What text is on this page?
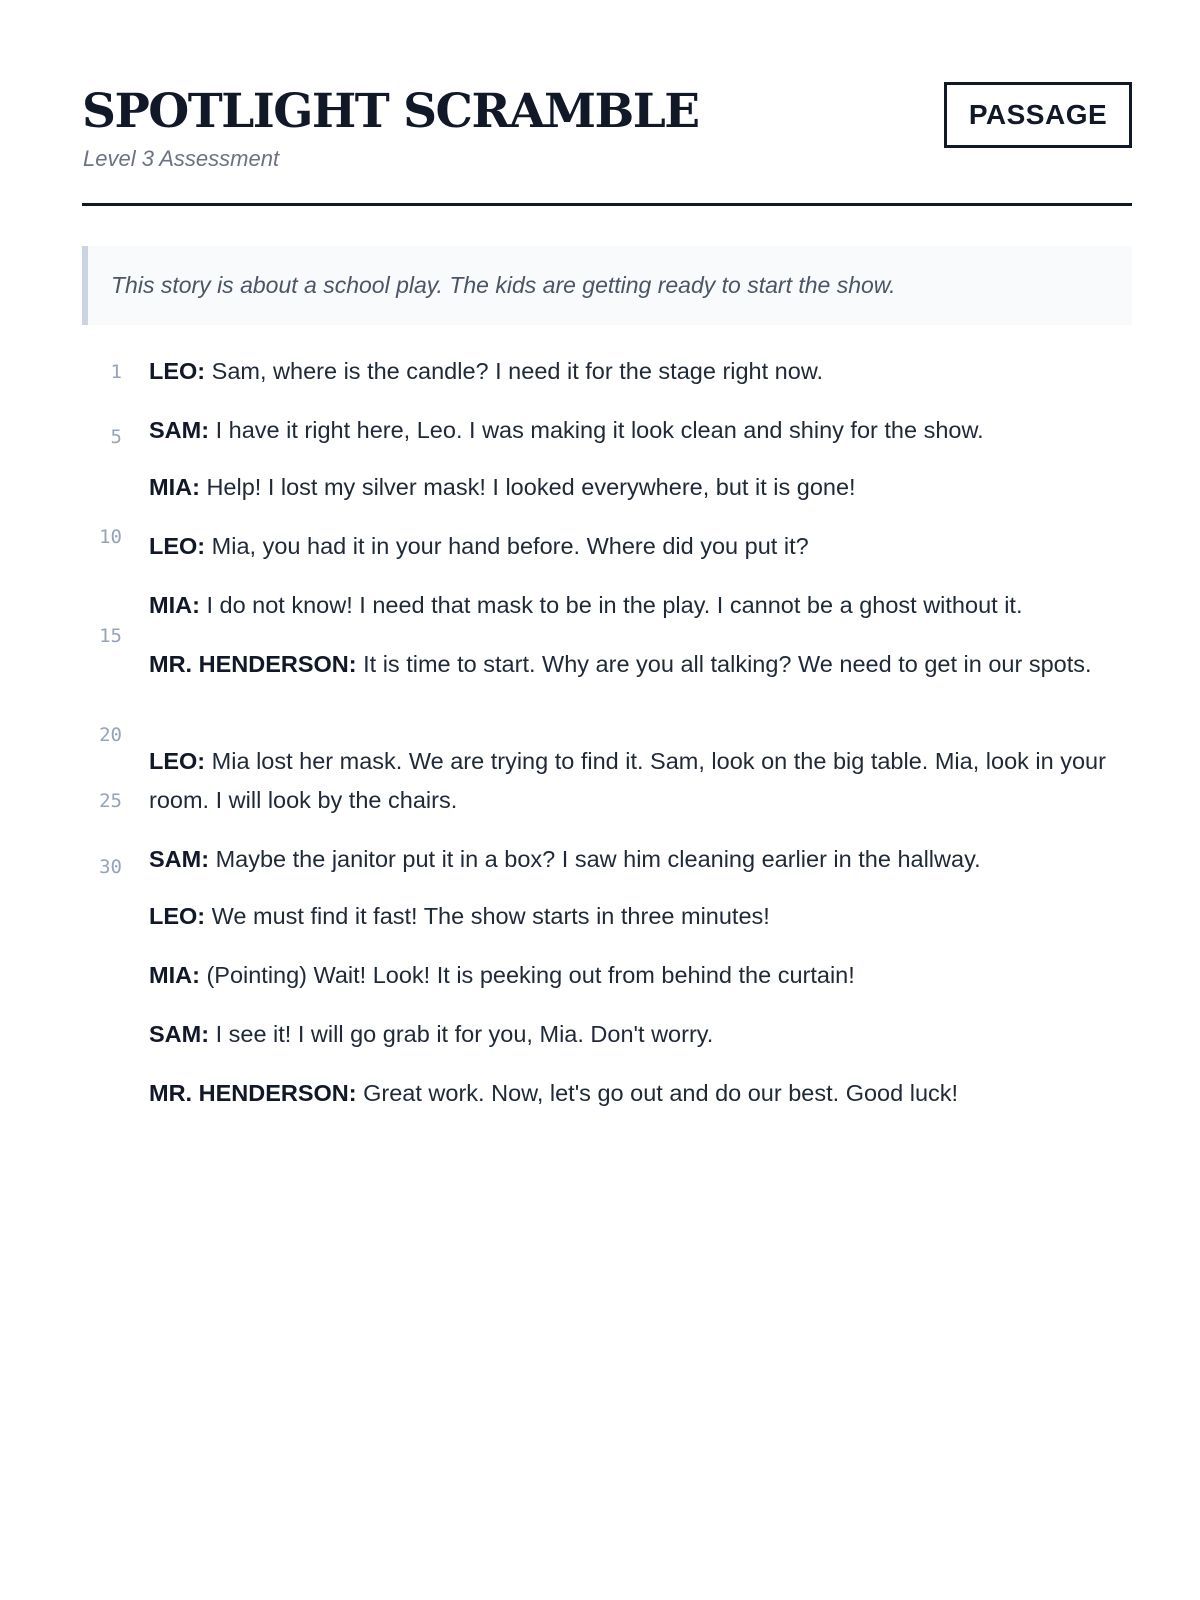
SPOTLIGHT SCRAMBLE
Level 3 Assessment
PASSAGE
This story is about a school play. The kids are getting ready to start the show.
1
5
10
15
20
25
30

LEO: Sam, where is the candle? I need it for the stage right now.

SAM: I have it right here, Leo. I was making it look clean and shiny for the show.

MIA: Help! I lost my silver mask! I looked everywhere, but it is gone!

LEO: Mia, you had it in your hand before. Where did you put it?

MIA: I do not know! I need that mask to be in the play. I cannot be a ghost without it.

MR. HENDERSON: It is time to start. Why are you all talking? We need to get in our spots.

LEO: Mia lost her mask. We are trying to find it. Sam, look on the big table. Mia, look in your room. I will look by the chairs.

SAM: Maybe the janitor put it in a box? I saw him cleaning earlier in the hallway.

LEO: We must find it fast! The show starts in three minutes!

MIA: (Pointing) Wait! Look! It is peeking out from behind the curtain!

SAM: I see it! I will go grab it for you, Mia. Don't worry.

MR. HENDERSON: Great work. Now, let's go out and do our best. Good luck!
